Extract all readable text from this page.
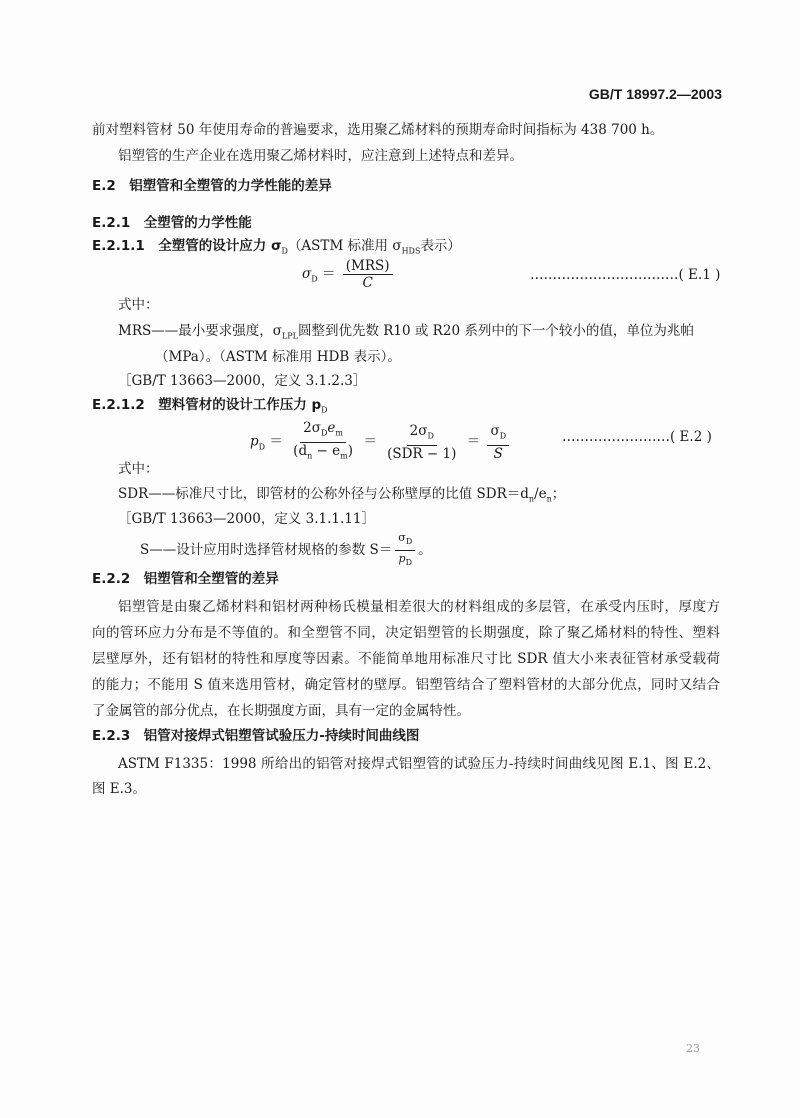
GB/T 18997.2—2003
前对塑料管材 50 年使用寿命的普遍要求，选用聚乙烯材料的预期寿命时间指标为 438 700 h。
铝塑管的生产企业在选用聚乙烯材料时，应注意到上述特点和差异。
E.2　铝塑管和全塑管的力学性能的差异
E.2.1　全塑管的力学性能
E.2.1.1　全塑管的设计应力 $\sigma_D(ASTM$ 标准用 $\sigma_{HDS}$表示）
$\sigma_D = \frac{\text{(MRS)}}{C}$	……………………………( E.1 )
式中：
MRS——最小要求强度，$\sigma_{LPL}$圆整到优先数 R10 或 R20 系列中的下一个较小的值，单位为兆帕
（MPa）。（ASTM 标准用 HDB 表示）。
［GB/T 13663—2000，定义 3.1.2.3］
E.2.1.2　塑料管材的设计工作压力 $p_D$
$p_D = \frac{2\sigma_De_m}{(d_n - e_m)} = \frac{2\sigma_D}{\text{(SDR − 1)}} = \frac{\sigma_D}{S}$	……………………( E.2 )
式中：
SDR——标准尺寸比，即管材的公称外径与公称壁厚的比值 $SDR=d_n/e_n$；
［GB/T 13663—2000，定义 3.1.1.11］
S——设计应用时选择管材规格的参数 $S= \frac{\sigma_D}{p_D}$ 。
E.2.2　铝塑管和全塑管的差异
铝塑管是由聚乙烯材料和铝材两种杨氏模量相差很大的材料组成的多层管，在承受内压时，厚度方
向的管环应力分布是不等值的。和全塑管不同，决定铝塑管的长期强度，除了聚乙烯材料的特性、塑料
层壁厚外，还有铝材的特性和厚度等因素。不能简单地用标准尺寸比 SDR 值大小来表征管材承受载荷
的能力；不能用 S 值来选用管材，确定管材的壁厚。铝塑管结合了塑料管材的大部分优点，同时又结合
了金属管的部分优点，在长期强度方面，具有一定的金属特性。
E.2.3　铝管对接焊式铝塑管试验压力-持续时间曲线图
ASTM F1335：1998 所给出的铝管对接焊式铝塑管的试验压力-持续时间曲线见图 E.1、图 E.2、
图 E.3。
23
